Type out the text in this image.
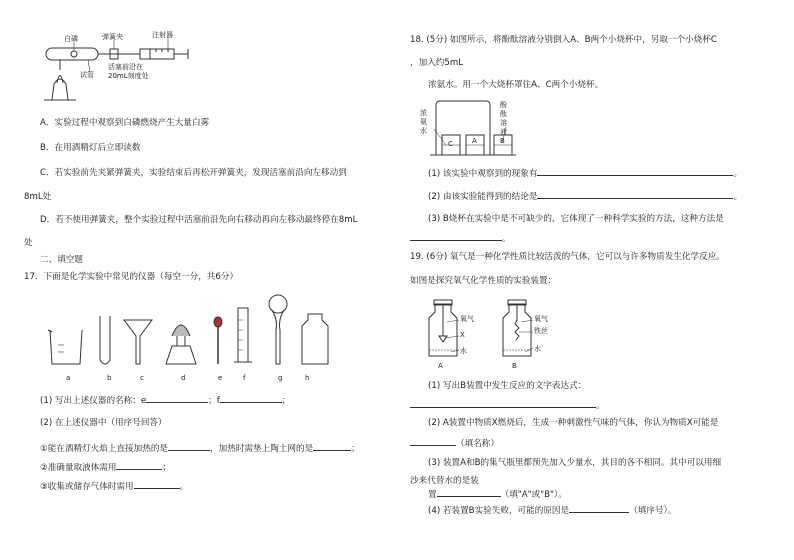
白磷	弹簧夹	注射器
试管
活塞前沿在
20mL刻度处
A．实验过程中观察到白磷燃烧产生大量白雾
B．在用酒精灯后立即读数
C．若实验前先夹紧弹簧夹，实验结束后再松开弹簧夹，发现活塞前沿向左移动到
8mL处
D．若不使用弹簧夹，整个实验过程中活塞前沿先向右移动再向左移动最终停在8mL
处
二、填空题
17．下面是化学实验中常见的仪器（每空一分，共6分）
a	b	c	d	e	f	g	h
(1) 写出上述仪器的名称：e	；f	；
(2) 在上述仪器中（用序号回答）
①能在酒精灯火焰上直接加热的是	，加热时需垫上陶土网的是	；
②准确量取液体需用	；
③收集或储存气体时需用	。
18. (5分) 如图所示，将酚酞溶液分别倒入A、B两个小烧杯中，另取一个小烧杯C
，加入约5mL
浓氨水。用一个大烧杯罩住A、C两个小烧杯。
浓
氨
水
酚
酞
溶
液
C	A	B
(1) 该实验中观察到的现象有	。
(2) 由该实验能得到的结论是	。
(3) B烧杯在实验中是不可缺少的，它体现了一种科学实验的方法，这种方法是
。
19. (6分) 氧气是一种化学性质比较活泼的气体，它可以与许多物质发生化学反应。
如图是探究氧气化学性质的实验装置：
氧气
X
水
氧气
铁丝
水
A	B
(1) 写出B装置中发生反应的文字表达式：
。
(2) A装置中物质X燃烧后，生成一种刺激性气味的气体，你认为物质X可能是
（填名称）
(3) 装置A和B的集气瓶里都预先加入少量水，其目的各不相同。其中可以用细
沙来代替水的是装
置	（填"A"或"B"）。
(4) 若装置B实验失败，可能的原因是	（填序号）。
